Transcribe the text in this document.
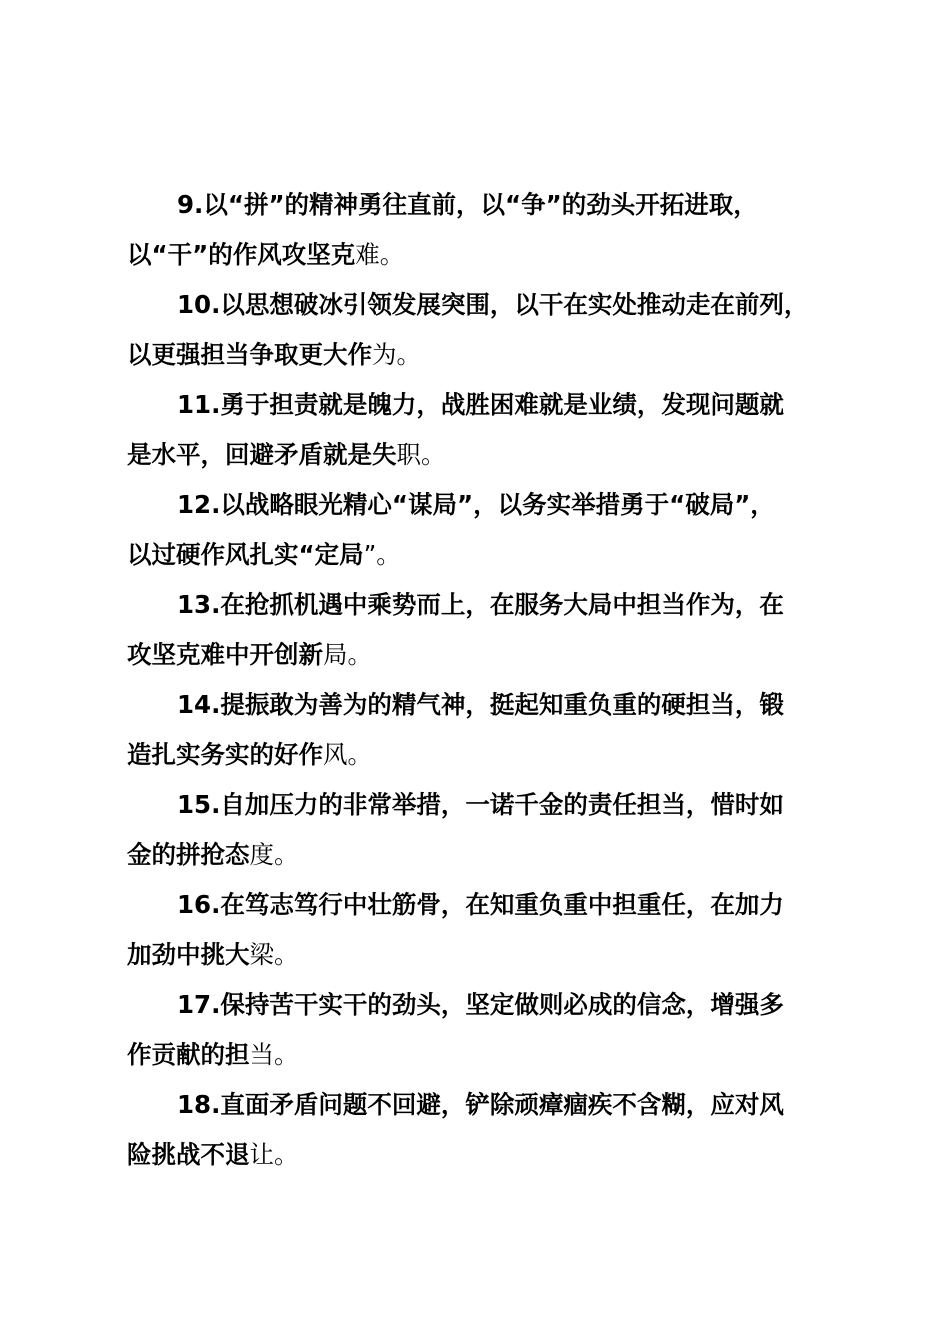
9.以“拼”的精神勇往直前，以“争”的劲头开拓进取，
以“干”的作风攻坚克难。

10.以思想破冰引领发展突围，以干在实处推动走在前列，
以更强担当争取更大作为。

11.勇于担责就是魄力，战胜困难就是业绩，发现问题就
是水平，回避矛盾就是失职。

12.以战略眼光精心“谋局”，以务实举措勇于“破局”，
以过硬作风扎实“定局”。

13.在抢抓机遇中乘势而上，在服务大局中担当作为，在
攻坚克难中开创新局。

14.提振敢为善为的精气神，挺起知重负重的硬担当，锻
造扎实务实的好作风。

15.自加压力的非常举措，一诺千金的责任担当，惜时如
金的拼抢态度。

16.在笃志笃行中壮筋骨，在知重负重中担重任，在加力
加劲中挑大梁。

17.保持苦干实干的劲头，坚定做则必成的信念，增强多
作贡献的担当。

18.直面矛盾问题不回避，铲除顽瘴痼疾不含糊，应对风
险挑战不退让。
